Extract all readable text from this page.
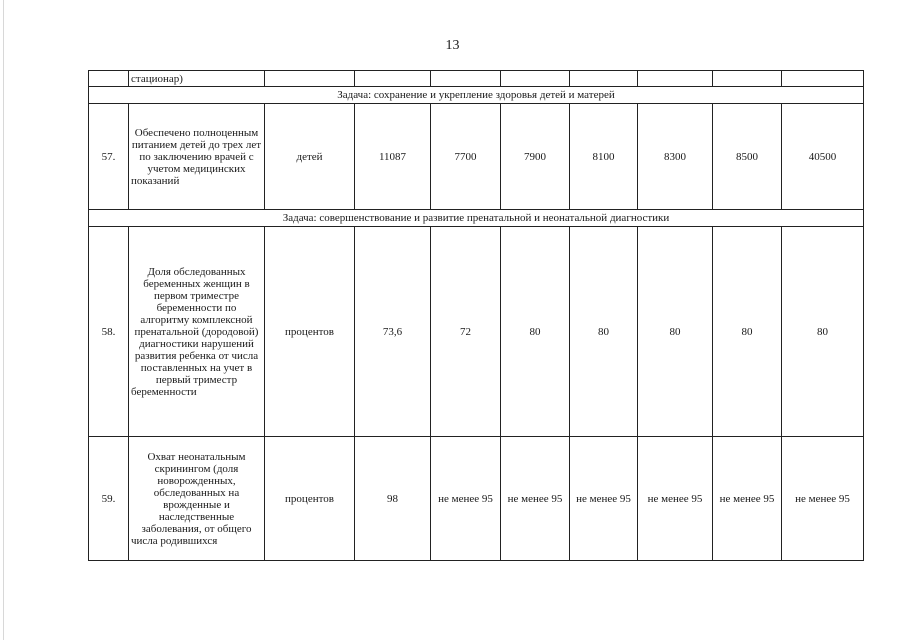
13
	стационар)								
Задача: сохранение и укрепление здоровья детей и матерей									
57.	Обеспечено полноценным питанием детей до трех лет по заключению врачей с учетом медицинских показаний	детей	11087	7700	7900	8100	8300	8500	40500
Задача: совершенствование и развитие пренатальной и неонатальной диагностики									
58.	Доля обследованных беременных женщин в первом триместре беременности по алгоритму комплексной пренатальной (дородовой) диагностики нарушений развития ребенка от числа поставленных на учет в первый триместр беременности	процентов	73,6	72	80	80	80	80	80
59.	Охват неонатальным скринингом (доля новорожденных, обследованных на врожденные и наследственные заболевания, от общего числа родившихся	процентов	98	не менее 95	не менее 95	не менее 95	не менее 95	не менее 95	не менее 95
